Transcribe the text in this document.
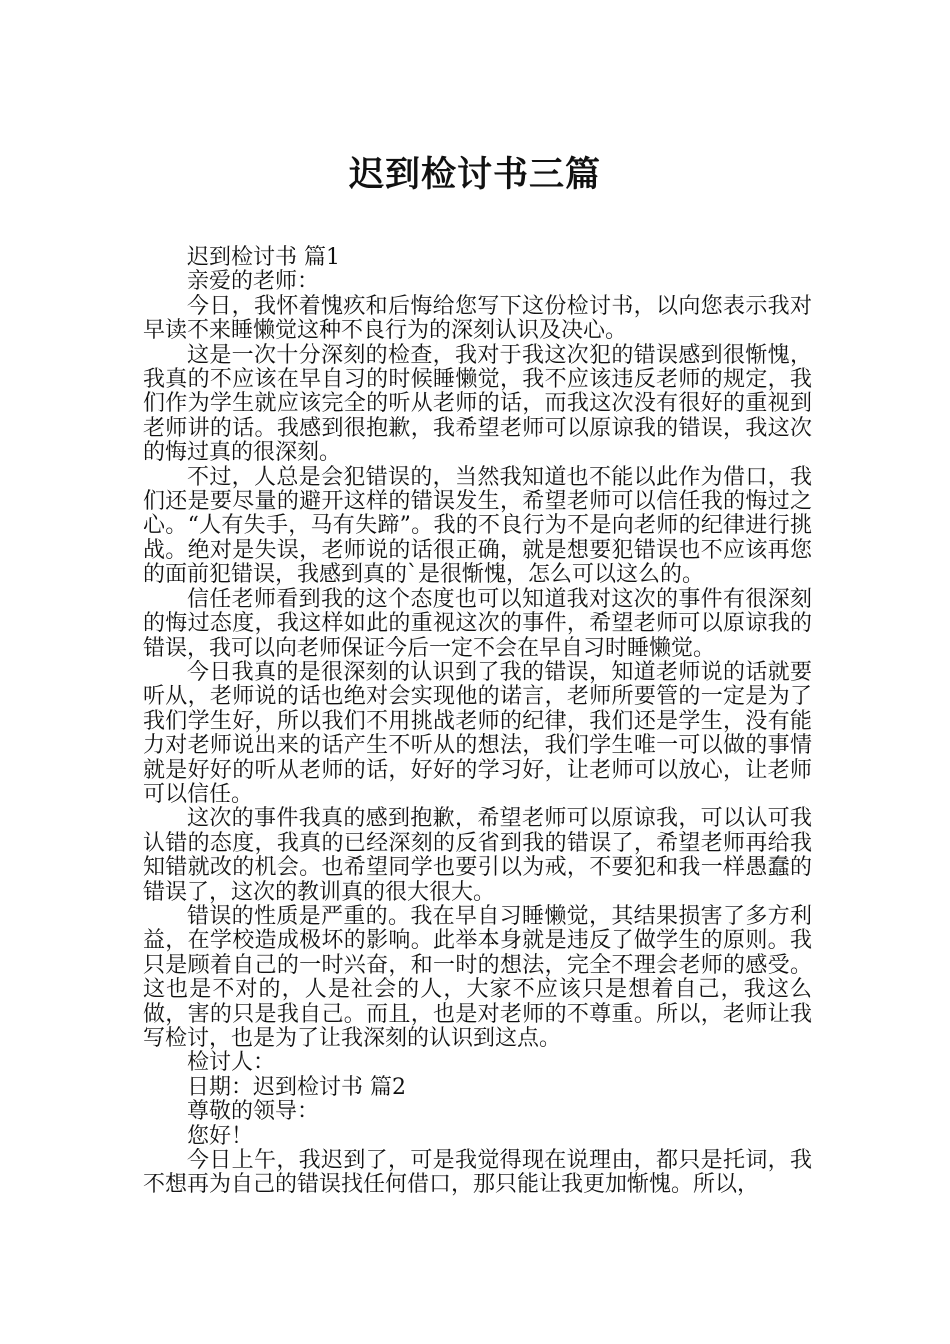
迟到检讨书三篇

迟到检讨书 篇1

亲爱的老师：

今日，我怀着愧疚和后悔给您写下这份检讨书，以向您表示我对早读不来睡懒觉这种不良行为的深刻认识及决心。

这是一次十分深刻的检查，我对于我这次犯的错误感到很惭愧，我真的不应该在早自习的时候睡懒觉，我不应该违反老师的规定，我们作为学生就应该完全的听从老师的话，而我这次没有很好的重视到老师讲的话。我感到很抱歉，我希望老师可以原谅我的错误，我这次的悔过真的很深刻。

不过，人总是会犯错误的，当然我知道也不能以此作为借口，我们还是要尽量的避开这样的错误发生，希望老师可以信任我的悔过之心。“人有失手，马有失蹄”。我的不良行为不是向老师的纪律进行挑战。绝对是失误，老师说的话很正确，就是想要犯错误也不应该再您的面前犯错误，我感到真的`是很惭愧，怎么可以这么的。

信任老师看到我的这个态度也可以知道我对这次的事件有很深刻的悔过态度，我这样如此的重视这次的事件，希望老师可以原谅我的错误，我可以向老师保证今后一定不会在早自习时睡懒觉。

今日我真的是很深刻的认识到了我的错误，知道老师说的话就要听从，老师说的话也绝对会实现他的诺言，老师所要管的一定是为了我们学生好，所以我们不用挑战老师的纪律，我们还是学生，没有能力对老师说出来的话产生不听从的想法，我们学生唯一可以做的事情就是好好的听从老师的话，好好的学习好，让老师可以放心，让老师可以信任。

这次的事件我真的感到抱歉，希望老师可以原谅我，可以认可我认错的态度，我真的已经深刻的反省到我的错误了，希望老师再给我知错就改的机会。也希望同学也要引以为戒，不要犯和我一样愚蠢的错误了，这次的教训真的很大很大。

错误的性质是严重的。我在早自习睡懒觉，其结果损害了多方利益，在学校造成极坏的影响。此举本身就是违反了做学生的原则。我只是顾着自己的一时兴奋，和一时的想法，完全不理会老师的感受。这也是不对的，人是社会的人，大家不应该只是想着自己，我这么做，害的只是我自己。而且，也是对老师的不尊重。所以，老师让我写检讨，也是为了让我深刻的认识到这点。

检讨人：

日期：迟到检讨书 篇2

尊敬的领导：

您好！

今日上午，我迟到了，可是我觉得现在说理由，都只是托词，我不想再为自己的错误找任何借口，那只能让我更加惭愧。所以，
